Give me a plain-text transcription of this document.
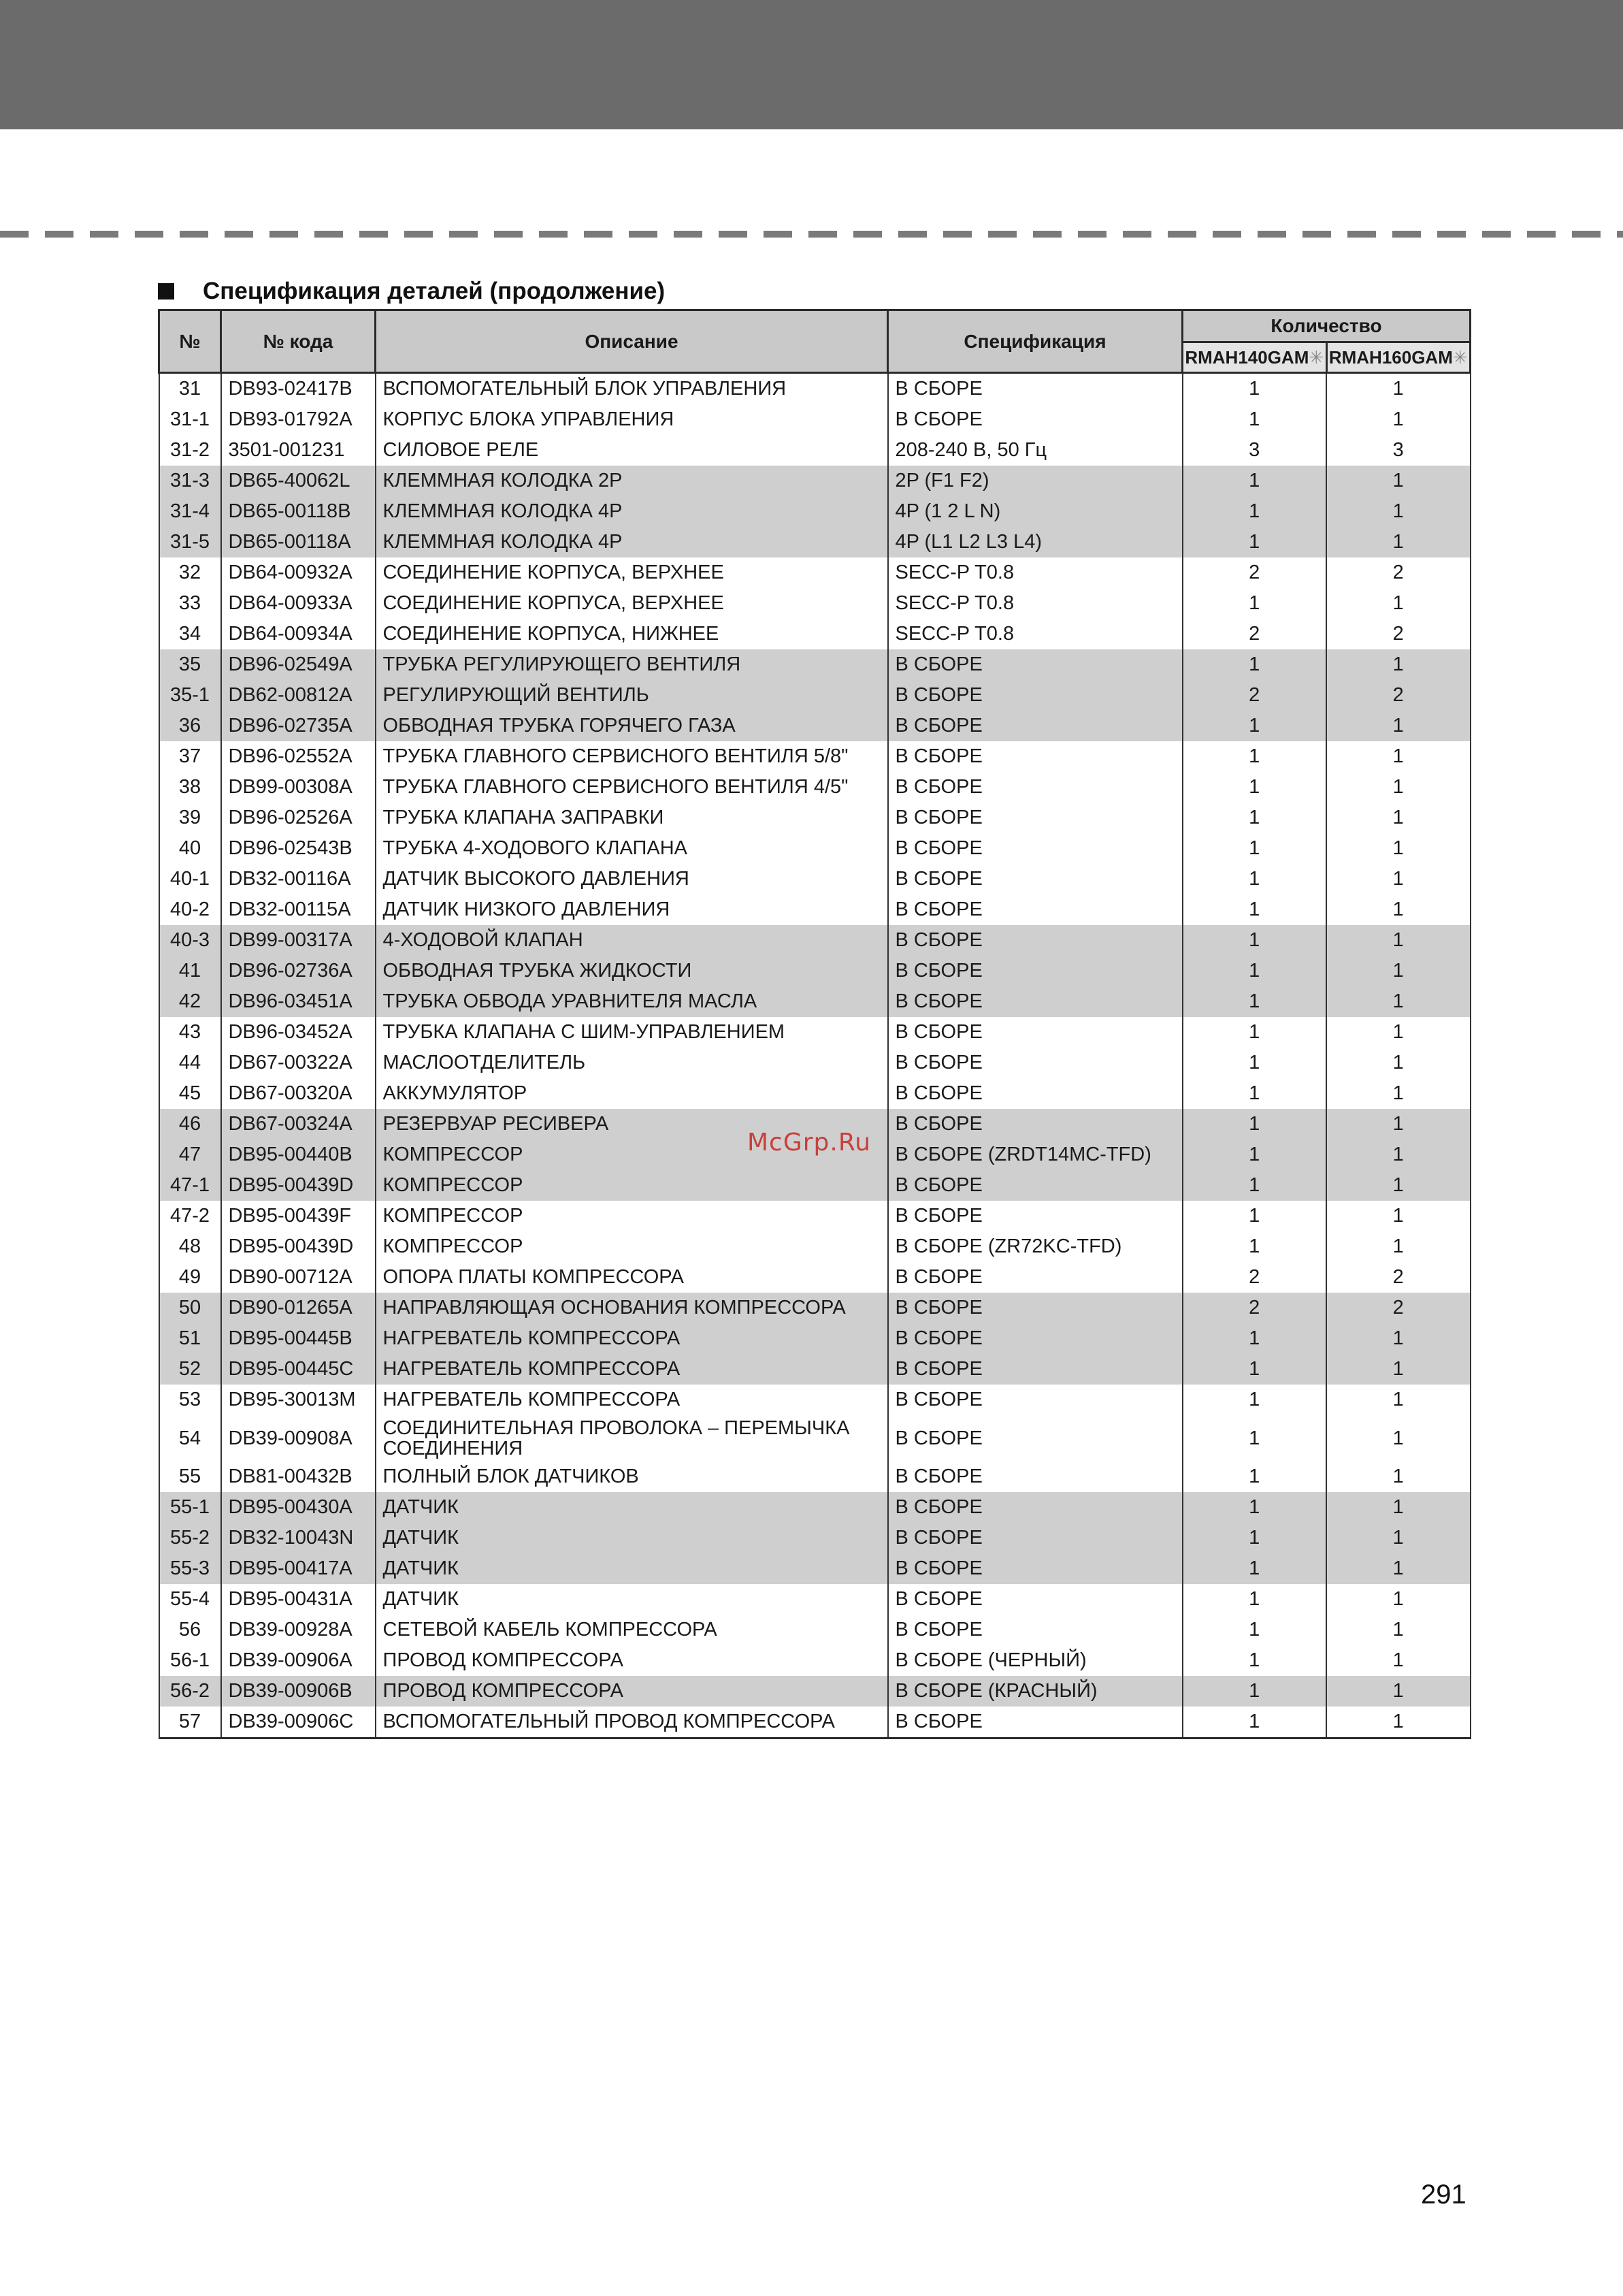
Спецификация деталей (продолжение)
№	№ кода	Описание	Спецификация	Количество	
				RMAH140GAM✳	RMAH160GAM✳
31	DB93-02417B	ВСПОМОГАТЕЛЬНЫЙ БЛОК УПРАВЛЕНИЯ	В СБОРЕ	1	1
31-1	DB93-01792A	КОРПУС БЛОКА УПРАВЛЕНИЯ	В СБОРЕ	1	1
31-2	3501-001231	СИЛОВОЕ РЕЛЕ	208-240 В, 50 Гц	3	3
31-3	DB65-40062L	КЛЕММНАЯ КОЛОДКА 2Р	2P (F1 F2)	1	1
31-4	DB65-00118B	КЛЕММНАЯ КОЛОДКА 4Р	4P (1 2 L N)	1	1
31-5	DB65-00118A	КЛЕММНАЯ КОЛОДКА 4Р	4P (L1 L2 L3 L4)	1	1
32	DB64-00932A	СОЕДИНЕНИЕ КОРПУСА, ВЕРХНЕЕ	SECC-P T0.8	2	2
33	DB64-00933A	СОЕДИНЕНИЕ КОРПУСА, ВЕРХНЕЕ	SECC-P T0.8	1	1
34	DB64-00934A	СОЕДИНЕНИЕ КОРПУСА, НИЖНЕЕ	SECC-P T0.8	2	2
35	DB96-02549A	ТРУБКА РЕГУЛИРУЮЩЕГО ВЕНТИЛЯ	В СБОРЕ	1	1
35-1	DB62-00812A	РЕГУЛИРУЮЩИЙ ВЕНТИЛЬ	В СБОРЕ	2	2
36	DB96-02735A	ОБВОДНАЯ ТРУБКА ГОРЯЧЕГО ГАЗА	В СБОРЕ	1	1
37	DB96-02552A	ТРУБКА ГЛАВНОГО СЕРВИСНОГО ВЕНТИЛЯ 5/8"	В СБОРЕ	1	1
38	DB99-00308A	ТРУБКА ГЛАВНОГО СЕРВИСНОГО ВЕНТИЛЯ 4/5"	В СБОРЕ	1	1
39	DB96-02526A	ТРУБКА КЛАПАНА ЗАПРАВКИ	В СБОРЕ	1	1
40	DB96-02543B	ТРУБКА 4-ХОДОВОГО КЛАПАНА	В СБОРЕ	1	1
40-1	DB32-00116A	ДАТЧИК ВЫСОКОГО ДАВЛЕНИЯ	В СБОРЕ	1	1
40-2	DB32-00115A	ДАТЧИК НИЗКОГО ДАВЛЕНИЯ	В СБОРЕ	1	1
40-3	DB99-00317A	4-ХОДОВОЙ КЛАПАН	В СБОРЕ	1	1
41	DB96-02736A	ОБВОДНАЯ ТРУБКА ЖИДКОСТИ	В СБОРЕ	1	1
42	DB96-03451A	ТРУБКА ОБВОДА УРАВНИТЕЛЯ МАСЛА	В СБОРЕ	1	1
43	DB96-03452A	ТРУБКА КЛАПАНА С ШИМ-УПРАВЛЕНИЕМ	В СБОРЕ	1	1
44	DB67-00322A	МАСЛООТДЕЛИТЕЛЬ	В СБОРЕ	1	1
45	DB67-00320A	АККУМУЛЯТОР	В СБОРЕ	1	1
46	DB67-00324A	РЕЗЕРВУАР РЕСИВЕРА	В СБОРЕ	1	1
47	DB95-00440B	КОМПРЕССОР	В СБОРЕ (ZRDT14MC-TFD)	1	1
47-1	DB95-00439D	КОМПРЕССОР	В СБОРЕ	1	1
47-2	DB95-00439F	КОМПРЕССОР	В СБОРЕ	1	1
48	DB95-00439D	КОМПРЕССОР	В СБОРЕ (ZR72KC-TFD)	1	1
49	DB90-00712A	ОПОРА ПЛАТЫ КОМПРЕССОРА	В СБОРЕ	2	2
50	DB90-01265A	НАПРАВЛЯЮЩАЯ ОСНОВАНИЯ КОМПРЕССОРА	В СБОРЕ	2	2
51	DB95-00445B	НАГРЕВАТЕЛЬ КОМПРЕССОРА	В СБОРЕ	1	1
52	DB95-00445C	НАГРЕВАТЕЛЬ КОМПРЕССОРА	В СБОРЕ	1	1
53	DB95-30013M	НАГРЕВАТЕЛЬ КОМПРЕССОРА	В СБОРЕ	1	1
54	DB39-00908A	СОЕДИНИТЕЛЬНАЯ ПРОВОЛОКА – ПЕРЕМЫЧКА СОЕДИНЕНИЯ	В СБОРЕ	1	1
55	DB81-00432B	ПОЛНЫЙ БЛОК ДАТЧИКОВ	В СБОРЕ	1	1
55-1	DB95-00430A	ДАТЧИК	В СБОРЕ	1	1
55-2	DB32-10043N	ДАТЧИК	В СБОРЕ	1	1
55-3	DB95-00417A	ДАТЧИК	В СБОРЕ	1	1
55-4	DB95-00431A	ДАТЧИК	В СБОРЕ	1	1
56	DB39-00928A	СЕТЕВОЙ КАБЕЛЬ КОМПРЕССОРА	В СБОРЕ	1	1
56-1	DB39-00906A	ПРОВОД КОМПРЕССОРА	В СБОРЕ (ЧЕРНЫЙ)	1	1
56-2	DB39-00906B	ПРОВОД КОМПРЕССОРА	В СБОРЕ (КРАСНЫЙ)	1	1
57	DB39-00906C	ВСПОМОГАТЕЛЬНЫЙ ПРОВОД КОМПРЕССОРА	В СБОРЕ	1	1
McGrp.Ru
291
